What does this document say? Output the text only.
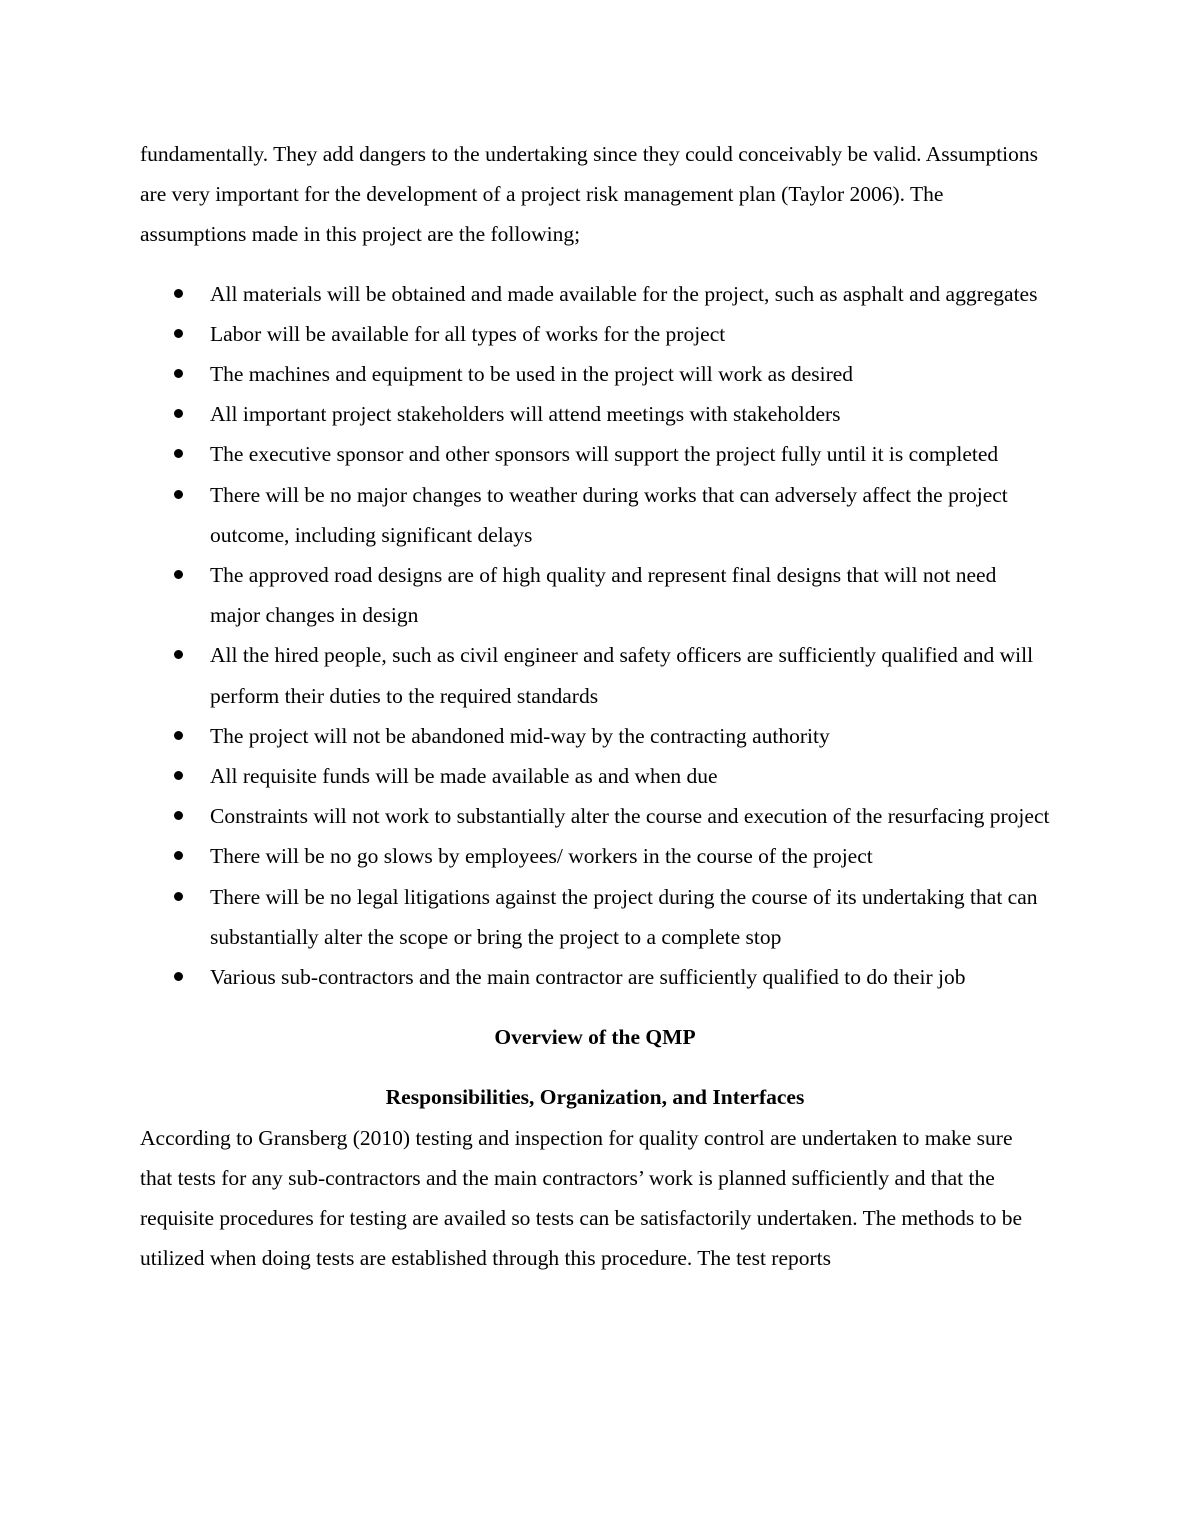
fundamentally. They add dangers to the undertaking since they could conceivably be valid. Assumptions are very important for the development of a project risk management plan (Taylor 2006). The assumptions made in this project are the following;

All materials will be obtained and made available for the project, such as asphalt and aggregates
Labor will be available for all types of works for the project
The machines and equipment to be used in the project will work as desired
All important project stakeholders will attend meetings with stakeholders
The executive sponsor and other sponsors will support the project fully until it is completed
There will be no major changes to weather during works that can adversely affect the project outcome, including significant delays
The approved road designs are of high quality and represent final designs that will not need major changes in design
All the hired people, such as civil engineer and safety officers are sufficiently qualified and will perform their duties to the required standards
The project will not be abandoned mid-way by the contracting authority
All requisite funds will be made available as and when due
Constraints will not work to substantially alter the course and execution of the resurfacing project
There will be no go slows by employees/ workers in the course of the project
There will be no legal litigations against the project during the course of its undertaking that can substantially alter the scope or bring the project to a complete stop
Various sub-contractors and the main contractor are sufficiently qualified to do their job
Overview of the QMP
Responsibilities, Organization, and Interfaces

According to Gransberg (2010) testing and inspection for quality control are undertaken to make sure that tests for any sub-contractors and the main contractors’ work is planned sufficiently and that the requisite procedures for testing are availed so tests can be satisfactorily undertaken. The methods to be utilized when doing tests are established through this procedure. The test reports
